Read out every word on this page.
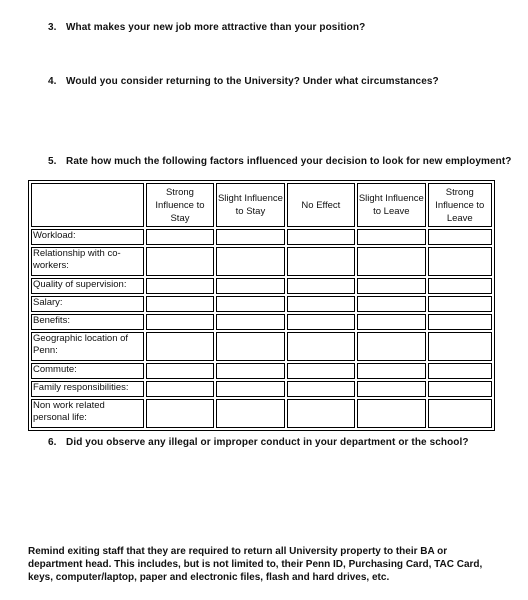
3. What makes your new job more attractive than your position?
4. Would you consider returning to the University? Under what circumstances?
5. Rate how much the following factors influenced your decision to look for new employment?
	Strong Influence to Stay	Slight Influence to Stay	No Effect	Slight Influence to Leave	Strong Influence to Leave
Workload:					
Relationship with co-workers:					
Quality of supervision:					
Salary:					
Benefits:					
Geographic location of Penn:					
Commute:					
Family responsibilities:					
Non work related personal life:					
6. Did you observe any illegal or improper conduct in your department or the school?
Remind exiting staff that they are required to return all University property to their BA or department head. This includes, but is not limited to, their Penn ID, Purchasing Card, TAC Card, keys, computer/laptop, paper and electronic files, flash and hard drives, etc.
